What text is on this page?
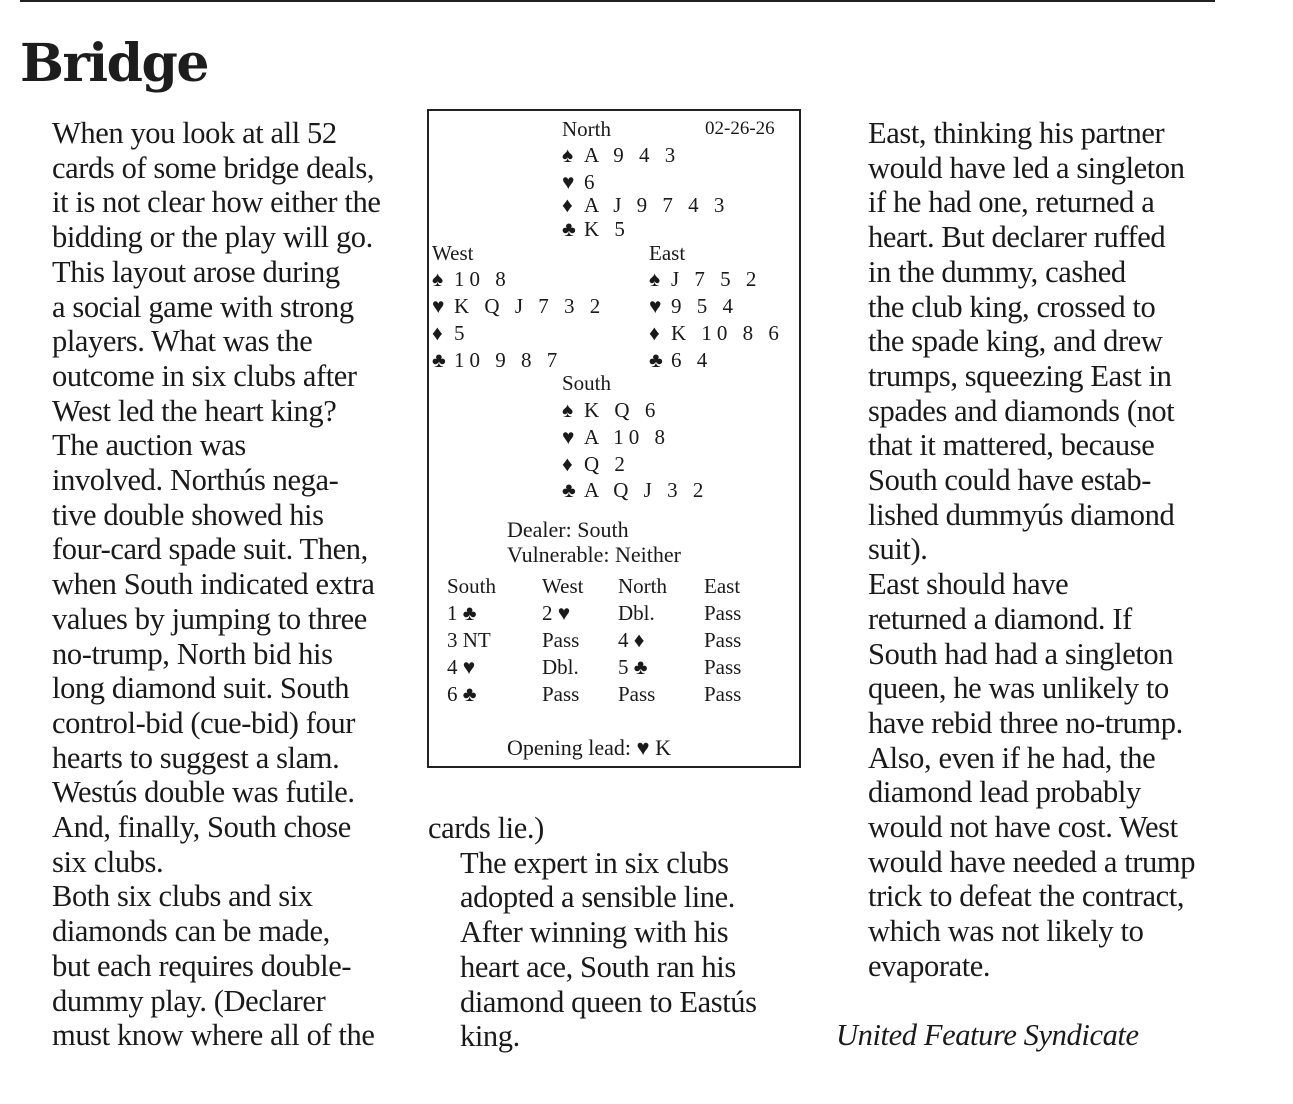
Bridge

When you look at all 52
cards of some bridge deals,
it is not clear how either the
bidding or the play will go.
This layout arose during
a social game with strong
players. What was the
outcome in six clubs after
West led the heart king?

The auction was
involved. Northús nega-
tive double showed his
four-card spade suit. Then,
when South indicated extra
values by jumping to three
no-trump, North bid his
long diamond suit. South
control-bid (cue-bid) four
hearts to suggest a slam.
Westús double was futile.
And, finally, South chose
six clubs.

Both six clubs and six
diamonds can be made,
but each requires double-
dummy play. (Declarer
must know where all of the

cards lie.)

The expert in six clubs
adopted a sensible line.
After winning with his
heart ace, South ran his
diamond queen to Eastús
king.

East, thinking his partner
would have led a singleton
if he had one, returned a
heart. But declarer ruffed
in the dummy, cashed
the club king, crossed to
the spade king, and drew
trumps, squeezing East in
spades and diamonds (not
that it mattered, because
South could have estab-
lished dummyús diamond
suit).

East should have
returned a diamond. If
South had had a singleton
queen, he was unlikely to
have rebid three no-trump.
Also, even if he had, the
diamond lead probably
would not have cost. West
would have needed a trump
trick to defeat the contract,
which was not likely to
evaporate.

United Feature Syndicate

North	02-26-26
♠ A 9 4 3
♥ 6
♦ A J 9 7 4 3
♣ K 5
West
♠ 10 8
♥ K Q J 7 3 2
♦ 5
♣ 10 9 8 7
East
♠ J 7 5 2
♥ 9 5 4
♦ K 10 8 6
♣ 6 4
South
♠ K Q 6
♥ A 10 8
♦ Q 2
♣ A Q J 3 2
Dealer: South
Vulnerable: Neither
South West North East
1 ♣	2 ♥ Dbl. Pass
3 NT Pass 4 ♦	Pass
4 ♥	Dbl. 5 ♣	Pass
6 ♣	Pass Pass Pass
Opening lead: ♥ K
